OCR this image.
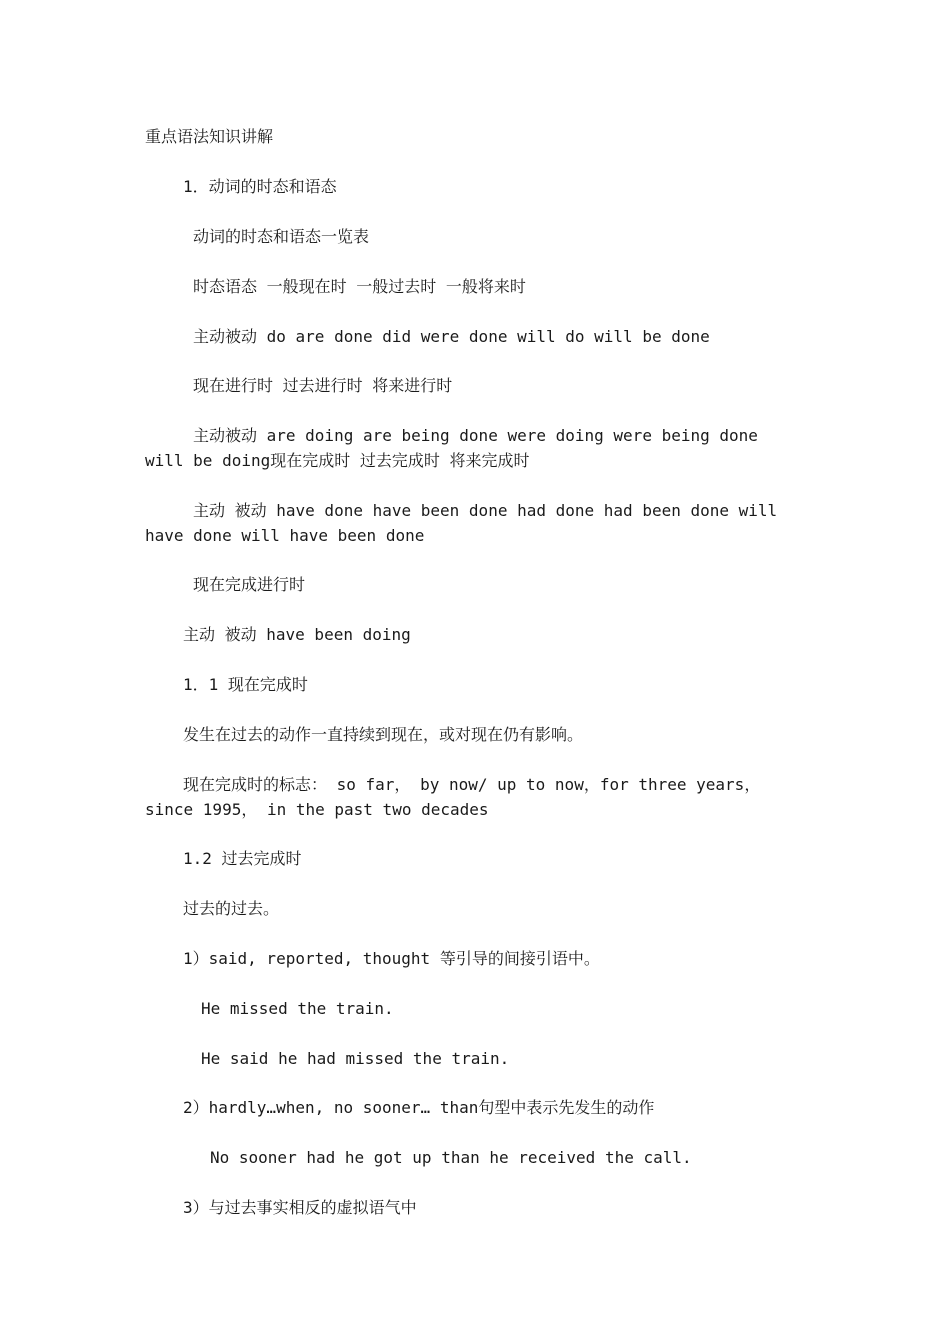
重点语法知识讲解
1．动词的时态和语态
动词的时态和语态一览表
时态语态 一般现在时 一般过去时 一般将来时
主动被动 do are done did were done will do will be done
现在进行时 过去进行时 将来进行时
主动被动 are doing are being done were doing were being done
will be doing现在完成时 过去完成时 将来完成时
主动 被动 have done have been done had done had been done will
have done will have been done
现在完成进行时
主动 被动 have been doing
1．1 现在完成时
发生在过去的动作一直持续到现在，或对现在仍有影响。
现在完成时的标志： so far， by now/ up to now，for three years，
since 1995， in the past two decades
1.2 过去完成时
过去的过去。
1）said, reported, thought 等引导的间接引语中。
He missed the train.
He said he had missed the train.
2）hardly…when, no sooner… than句型中表示先发生的动作
No sooner had he got up than he received the call.
3）与过去事实相反的虚拟语气中
